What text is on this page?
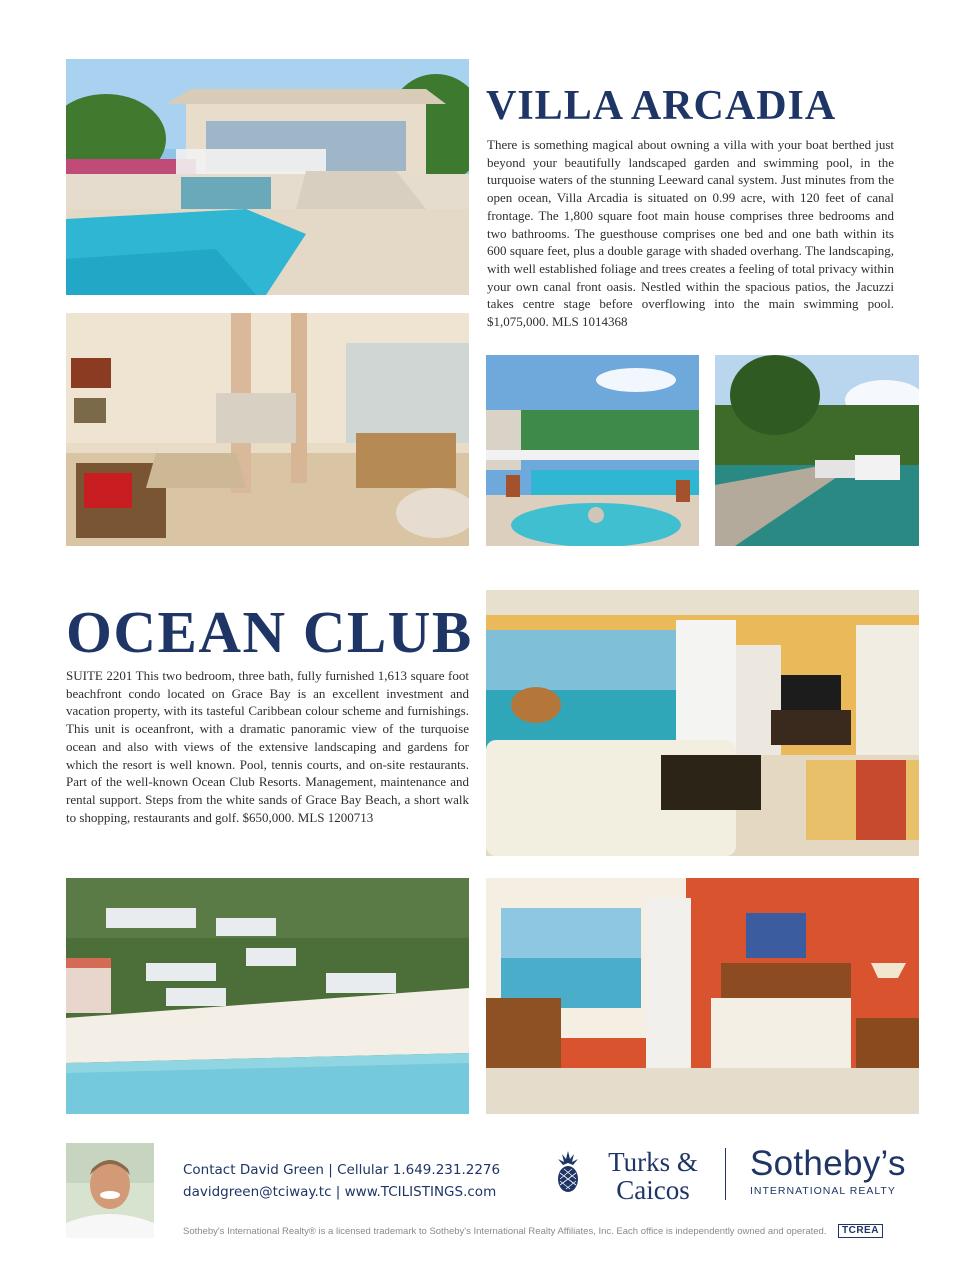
VILLA ARCADIA

There is something magical about owning a villa with your boat berthed just beyond your beautifully landscaped garden and swimming pool, in the turquoise waters of the stunning Leeward canal system. Just minutes from the open ocean, Villa Arcadia is situated on 0.99 acre, with 120 feet of canal frontage. The 1,800 square foot main house comprises three bedrooms and two bathrooms. The guesthouse comprises one bed and one bath within its 600 square feet, plus a double garage with shaded overhang. The landscaping, with well established foliage and trees creates a feeling of total privacy within your own canal front oasis. Nestled within the spacious patios, the Jacuzzi takes centre stage before overflowing into the main swimming pool. $1,075,000. MLS 1014368

OCEAN CLUB

SUITE 2201 This two bedroom, three bath, fully furnished 1,613 square foot beachfront condo located on Grace Bay is an excellent investment and vacation property, with its tasteful Caribbean colour scheme and furnishings. This unit is oceanfront, with a dramatic panoramic view of the turquoise ocean and also with views of the extensive landscaping and gardens for which the resort is well known. Pool, tennis courts, and on-site restaurants. Part of the well-known Ocean Club Resorts. Management, maintenance and rental support. Steps from the white sands of Grace Bay Beach, a short walk to shopping, restaurants and golf. $650,000. MLS 1200713

Contact David Green | Cellular 1.649.231.2276
davidgreen@tciway.tc | www.TCILISTINGS.com
Turks &
Caicos
Sotheby’s
INTERNATIONAL REALTY
Sotheby's International Realty® is a licensed trademark to Sotheby's International Realty Affiliates, Inc. Each office is independently owned and operated.	TCREA
